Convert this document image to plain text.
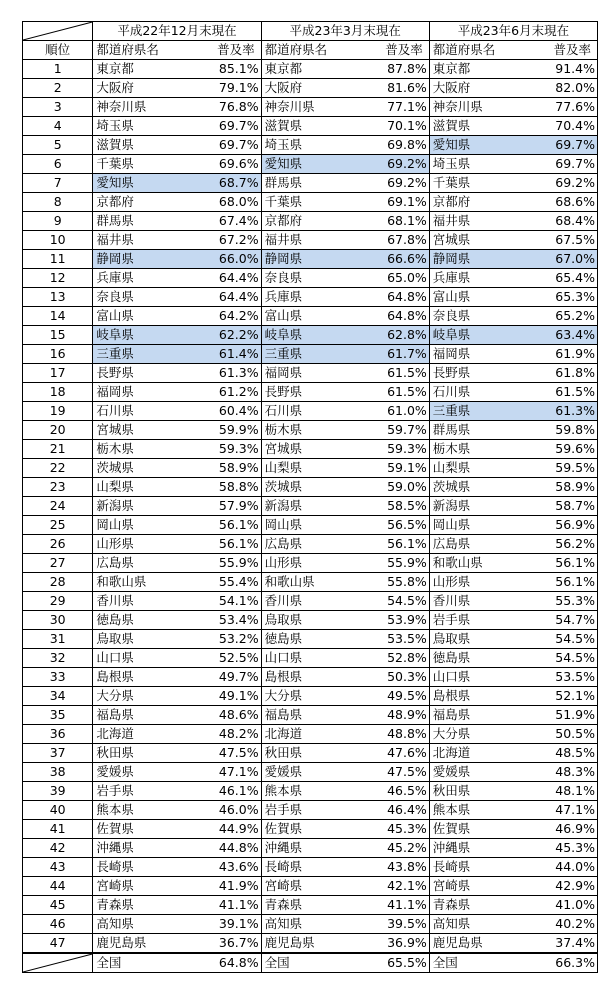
	平成22年12月末現在		平成23年3月末現在		平成23年6月末現在	
順位	都道府県名	普及率	都道府県名	普及率	都道府県名	普及率
1	東京都	85.1%	東京都	87.8%	東京都	91.4%
2	大阪府	79.1%	大阪府	81.6%	大阪府	82.0%
3	神奈川県	76.8%	神奈川県	77.1%	神奈川県	77.6%
4	埼玉県	69.7%	滋賀県	70.1%	滋賀県	70.4%
5	滋賀県	69.7%	埼玉県	69.8%	愛知県	69.7%
6	千葉県	69.6%	愛知県	69.2%	埼玉県	69.7%
7	愛知県	68.7%	群馬県	69.2%	千葉県	69.2%
8	京都府	68.0%	千葉県	69.1%	京都府	68.6%
9	群馬県	67.4%	京都府	68.1%	福井県	68.4%
10	福井県	67.2%	福井県	67.8%	宮城県	67.5%
11	静岡県	66.0%	静岡県	66.6%	静岡県	67.0%
12	兵庫県	64.4%	奈良県	65.0%	兵庫県	65.4%
13	奈良県	64.4%	兵庫県	64.8%	富山県	65.3%
14	富山県	64.2%	富山県	64.8%	奈良県	65.2%
15	岐阜県	62.2%	岐阜県	62.8%	岐阜県	63.4%
16	三重県	61.4%	三重県	61.7%	福岡県	61.9%
17	長野県	61.3%	福岡県	61.5%	長野県	61.8%
18	福岡県	61.2%	長野県	61.5%	石川県	61.5%
19	石川県	60.4%	石川県	61.0%	三重県	61.3%
20	宮城県	59.9%	栃木県	59.7%	群馬県	59.8%
21	栃木県	59.3%	宮城県	59.3%	栃木県	59.6%
22	茨城県	58.9%	山梨県	59.1%	山梨県	59.5%
23	山梨県	58.8%	茨城県	59.0%	茨城県	58.9%
24	新潟県	57.9%	新潟県	58.5%	新潟県	58.7%
25	岡山県	56.1%	岡山県	56.5%	岡山県	56.9%
26	山形県	56.1%	広島県	56.1%	広島県	56.2%
27	広島県	55.9%	山形県	55.9%	和歌山県	56.1%
28	和歌山県	55.4%	和歌山県	55.8%	山形県	56.1%
29	香川県	54.1%	香川県	54.5%	香川県	55.3%
30	徳島県	53.4%	鳥取県	53.9%	岩手県	54.7%
31	鳥取県	53.2%	徳島県	53.5%	鳥取県	54.5%
32	山口県	52.5%	山口県	52.8%	徳島県	54.5%
33	島根県	49.7%	島根県	50.3%	山口県	53.5%
34	大分県	49.1%	大分県	49.5%	島根県	52.1%
35	福島県	48.6%	福島県	48.9%	福島県	51.9%
36	北海道	48.2%	北海道	48.8%	大分県	50.5%
37	秋田県	47.5%	秋田県	47.6%	北海道	48.5%
38	愛媛県	47.1%	愛媛県	47.5%	愛媛県	48.3%
39	岩手県	46.1%	熊本県	46.5%	秋田県	48.1%
40	熊本県	46.0%	岩手県	46.4%	熊本県	47.1%
41	佐賀県	44.9%	佐賀県	45.3%	佐賀県	46.9%
42	沖縄県	44.8%	沖縄県	45.2%	沖縄県	45.3%
43	長崎県	43.6%	長崎県	43.8%	長崎県	44.0%
44	宮崎県	41.9%	宮崎県	42.1%	宮崎県	42.9%
45	青森県	41.1%	青森県	41.1%	青森県	41.0%
46	高知県	39.1%	高知県	39.5%	高知県	40.2%
47	鹿児島県	36.7%	鹿児島県	36.9%	鹿児島県	37.4%

	全国	64.8%	全国	65.5%	全国	66.3%
